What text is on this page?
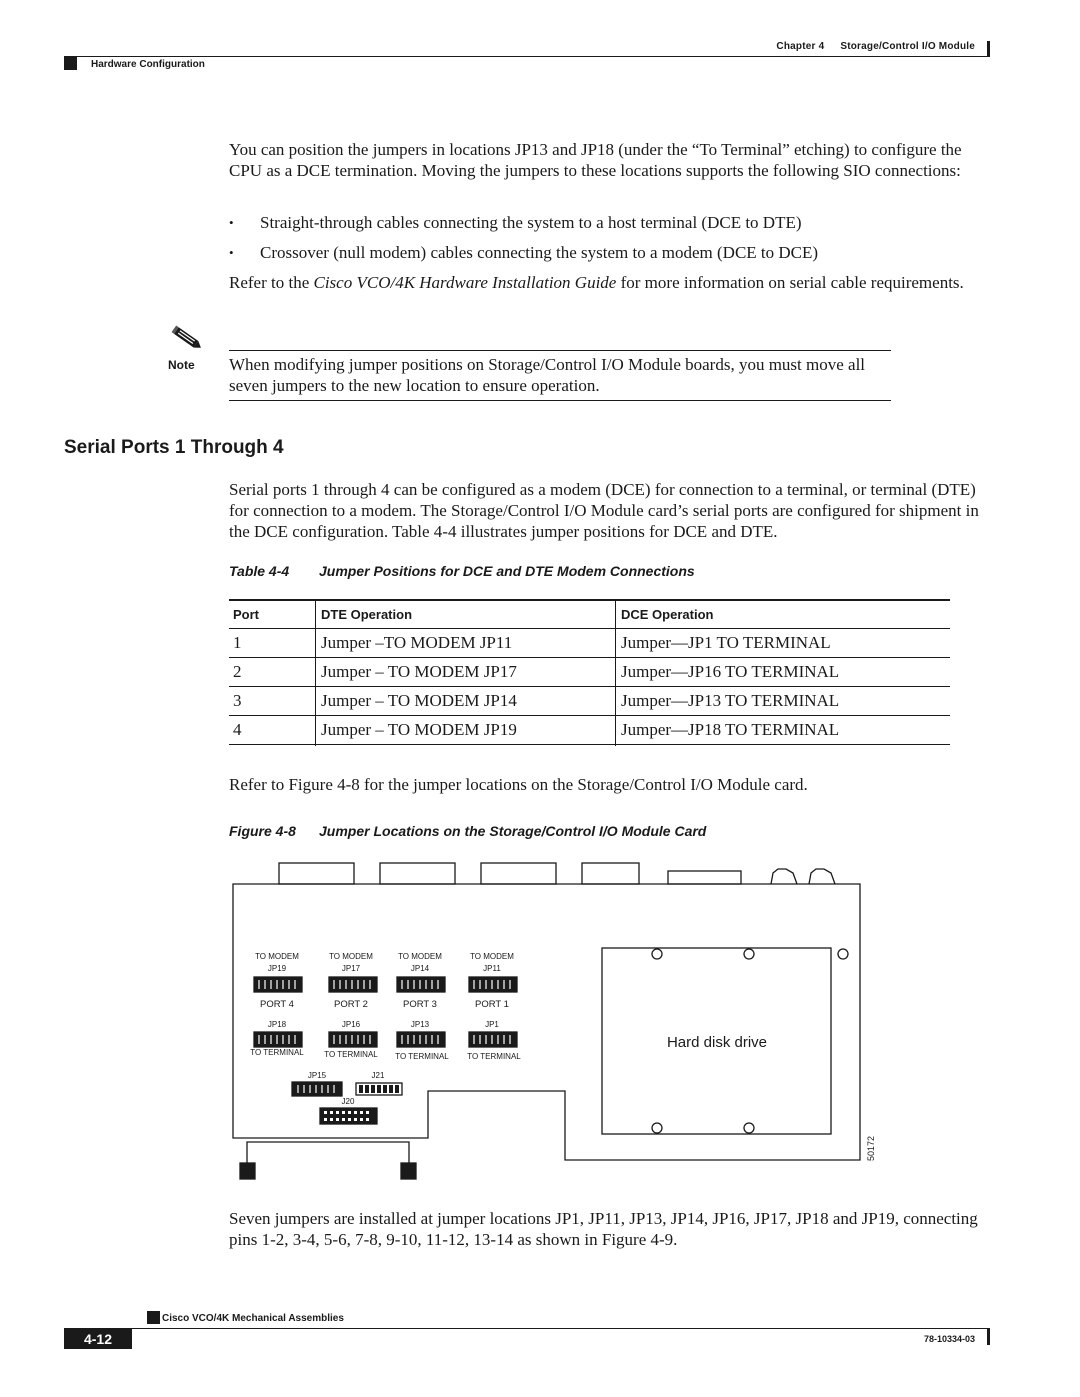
Chapter 4 Storage/Control I/O Module
Hardware Configuration
You can position the jumpers in locations JP13 and JP18 (under the “To Terminal” etching) to configure the CPU as a DCE termination. Moving the jumpers to these locations supports the following SIO connections:
• Straight-through cables connecting the system to a host terminal (DCE to DTE)
• Crossover (null modem) cables connecting the system to a modem (DCE to DCE)
Refer to the Cisco VCO/4K Hardware Installation Guide for more information on serial cable requirements.
Note When modifying jumper positions on Storage/Control I/O Module boards, you must move all seven jumpers to the new location to ensure operation.
Serial Ports 1 Through 4
Serial ports 1 through 4 can be configured as a modem (DCE) for connection to a terminal, or terminal (DTE) for connection to a modem. The Storage/Control I/O Module card’s serial ports are configured for shipment in the DCE configuration. Table 4-4 illustrates jumper positions for DCE and DTE.
Table 4-4 Jumper Positions for DCE and DTE Modem Connections
Port	DTE Operation	DCE Operation
1	Jumper –TO MODEM JP11	Jumper—JP1 TO TERMINAL
2	Jumper – TO MODEM JP17	Jumper—JP16 TO TERMINAL
3	Jumper – TO MODEM JP14	Jumper—JP13 TO TERMINAL
4	Jumper – TO MODEM JP19	Jumper—JP18 TO TERMINAL
Refer to Figure 4-8 for the jumper locations on the Storage/Control I/O Module card.
Figure 4-8 Jumper Locations on the Storage/Control I/O Module Card
Hard disk drive
TO MODEM	TO MODEM	TO MODEM	TO MODEM
JP19	JP17	JP14	JP11
PORT 4	PORT 2	PORT 3	PORT 1
JP18	JP16	JP13	JP1
TO TERMINAL	TO TERMINAL TO TERMINAL TO TERMINAL
JP15	J21
J20
50172
Seven jumpers are installed at jumper locations JP1, JP11, JP13, JP14, JP16, JP17, JP18 and JP19, connecting pins 1-2, 3-4, 5-6, 7-8, 9-10, 11-12, 13-14 as shown in Figure 4-9.
Cisco VCO/4K Mechanical Assemblies
4-12	78-10334-03
